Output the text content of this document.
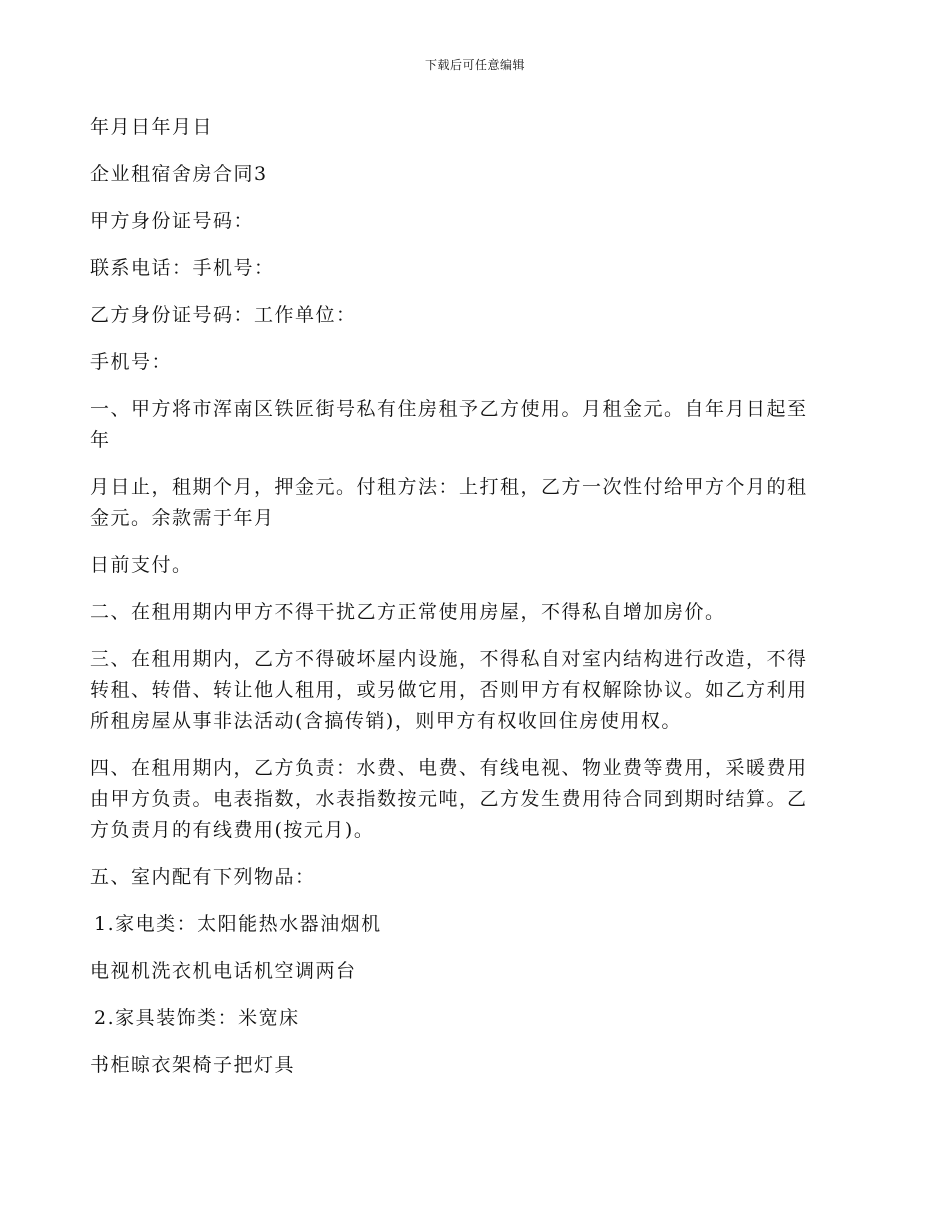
下载后可任意编辑

年月日年月日

企业租宿舍房合同3

甲方身份证号码：

联系电话：手机号：

乙方身份证号码：工作单位：

手机号：

一、甲方将市浑南区铁匠街号私有住房租予乙方使用。月租金元。自年月日起至
年

月日止，租期个月，押金元。付租方法：上打租，乙方一次性付给甲方个月的租
金元。余款需于年月

日前支付。

二、在租用期内甲方不得干扰乙方正常使用房屋，不得私自增加房价。

三、在租用期内，乙方不得破坏屋内设施，不得私自对室内结构进行改造，不得
转租、转借、转让他人租用，或另做它用，否则甲方有权解除协议。如乙方利用
所租房屋从事非法活动(含搞传销)，则甲方有权收回住房使用权。

四、在租用期内，乙方负责：水费、电费、有线电视、物业费等费用，采暖费用
由甲方负责。电表指数，水表指数按元吨，乙方发生费用待合同到期时结算。乙
方负责月的有线费用(按元月)。

五、室内配有下列物品：

1.家电类：太阳能热水器油烟机

电视机洗衣机电话机空调两台

2.家具装饰类：米宽床

书柜晾衣架椅子把灯具
